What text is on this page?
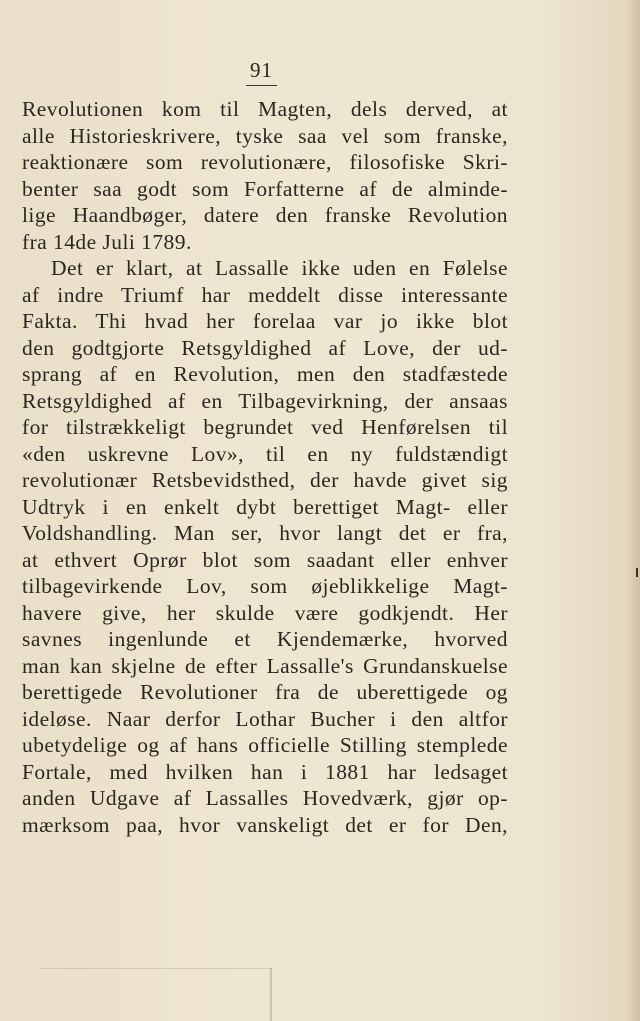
91
Revolutionen kom til Magten, dels derved, at
alle Historieskrivere, tyske saa vel som franske,
reaktionære som revolutionære, filosofiske Skri-
benter saa godt som Forfatterne af de alminde-
lige Haandbøger, datere den franske Revolution
fra 14de Juli 1789.
Det er klart, at Lassalle ikke uden en Følelse
af indre Triumf har meddelt disse interessante
Fakta. Thi hvad her forelaa var jo ikke blot
den godtgjorte Retsgyldighed af Love, der ud-
sprang af en Revolution, men den stadfæstede
Retsgyldighed af en Tilbagevirkning, der ansaas
for tilstrækkeligt begrundet ved Henførelsen til
«den uskrevne Lov», til en ny fuldstændigt
revolutionær Retsbevidsthed, der havde givet sig
Udtryk i en enkelt dybt berettiget Magt- eller
Voldshandling. Man ser, hvor langt det er fra,
at ethvert Oprør blot som saadant eller enhver
tilbagevirkende Lov, som øjeblikkelige Magt-
havere give, her skulde være godkjendt. Her
savnes ingenlunde et Kjendemærke, hvorved
man kan skjelne de efter Lassalle's Grundanskuelse
berettigede Revolutioner fra de uberettigede og
ideløse. Naar derfor Lothar Bucher i den altfor
ubetydelige og af hans officielle Stilling stemplede
Fortale, med hvilken han i 1881 har ledsaget
anden Udgave af Lassalles Hovedværk, gjør op-
mærksom paa, hvor vanskeligt det er for Den,
